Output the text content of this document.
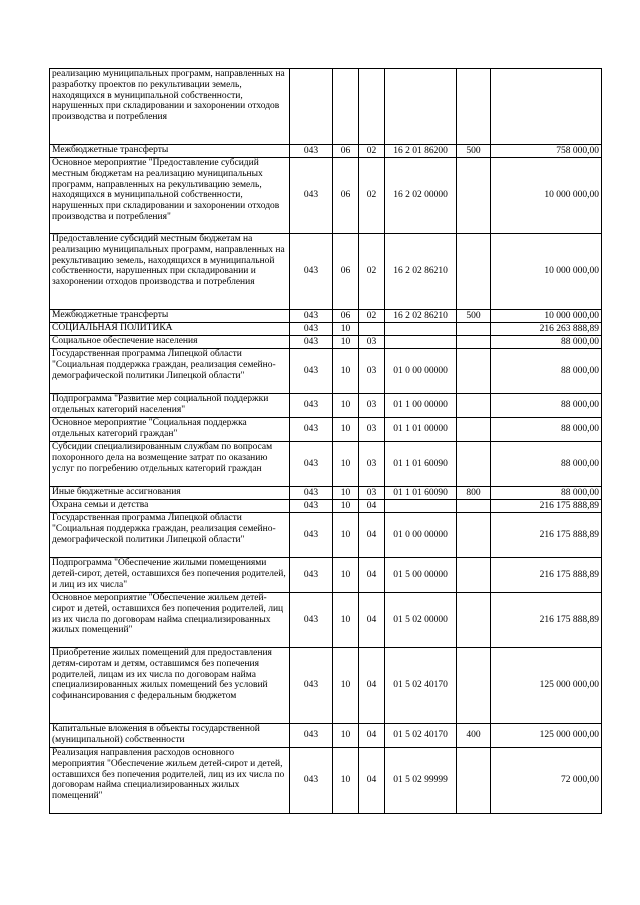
реализацию муниципальных программ, направленных на разработку проектов по рекультивации земель, находящихся в муниципальной собственности, нарушенных при складировании и захоронении отходов производства и потребления						
Межбюджетные трансферты	043	06	02	16 2 01 86200	500	758 000,00
Основное мероприятие "Предоставление субсидий местным бюджетам на реализацию муниципальных программ, направленных на рекультивацию земель, находящихся в муниципальной собственности, нарушенных при складировании и захоронении отходов производства и потребления"	043	06	02	16 2 02 00000		10 000 000,00
Предоставление субсидий местным бюджетам на реализацию муниципальных программ, направленных на рекультивацию земель, находящихся в муниципальной собственности, нарушенных при складировании и захоронении отходов производства и потребления	043	06	02	16 2 02 86210		10 000 000,00
Межбюджетные трансферты	043	06	02	16 2 02 86210	500	10 000 000,00
СОЦИАЛЬНАЯ ПОЛИТИКА	043	10				216 263 888,89
Социальное обеспечение населения	043	10	03			88 000,00
Государственная программа Липецкой области "Социальная поддержка граждан, реализация семейно-демографической политики Липецкой области"	043	10	03	01 0 00 00000		88 000,00
Подпрограмма "Развитие мер социальной поддержки отдельных категорий населения"	043	10	03	01 1 00 00000		88 000,00
Основное мероприятие "Социальная поддержка отдельных категорий граждан"	043	10	03	01 1 01 00000		88 000,00
Субсидии специализированным службам по вопросам похоронного дела на возмещение затрат по оказанию услуг по погребению отдельных категорий граждан	043	10	03	01 1 01 60090		88 000,00
Иные бюджетные ассигнования	043	10	03	01 1 01 60090	800	88 000,00
Охрана семьи и детства	043	10	04			216 175 888,89
Государственная программа Липецкой области "Социальная поддержка граждан, реализация семейно-демографической политики Липецкой области"	043	10	04	01 0 00 00000		216 175 888,89
Подпрограмма "Обеспечение жилыми помещениями детей-сирот, детей, оставшихся без попечения родителей, и лиц из их числа"	043	10	04	01 5 00 00000		216 175 888,89
Основное мероприятие "Обеспечение жильем детей-сирот и детей, оставшихся без попечения родителей, лиц из их числа по договорам найма специализированных жилых помещений"	043	10	04	01 5 02 00000		216 175 888,89
Приобретение жилых помещений для предоставления детям-сиротам и детям, оставшимся без попечения родителей, лицам из их числа по договорам найма специализированных жилых помещений без условий софинансирования с федеральным бюджетом	043	10	04	01 5 02 40170		125 000 000,00
Капитальные вложения в объекты государственной (муниципальной) собственности	043	10	04	01 5 02 40170	400	125 000 000,00
Реализация направления расходов основного мероприятия "Обеспечение жильем детей-сирот и детей, оставшихся без попечения родителей, лиц из их числа по договорам найма специализированных жилых помещений"	043	10	04	01 5 02 99999		72 000,00
